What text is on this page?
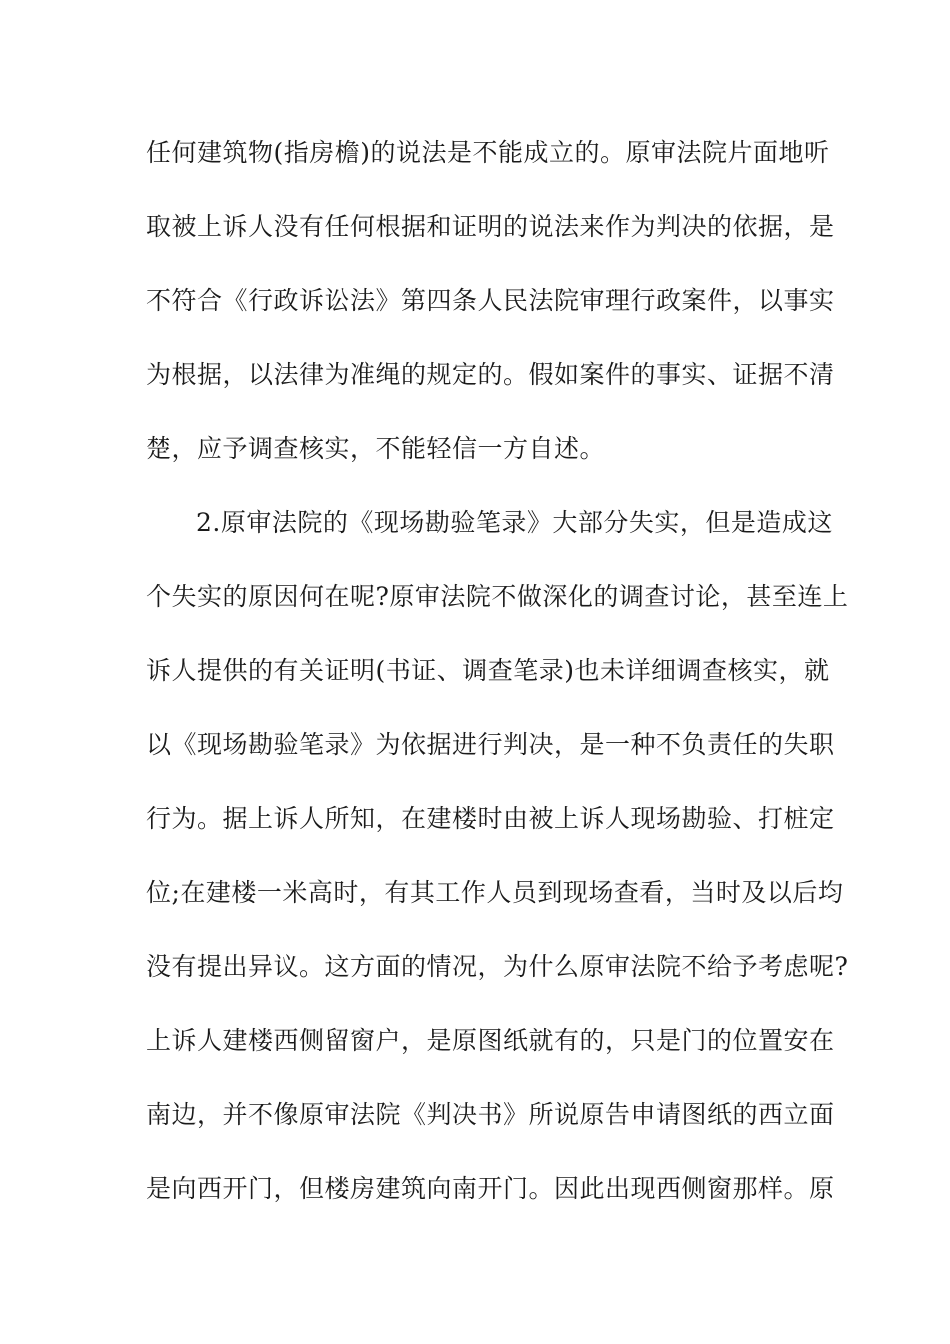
任何建筑物(指房檐)的说法是不能成立的。原审法院片面地听
取被上诉人没有任何根据和证明的说法来作为判决的依据，是
不符合《行政诉讼法》第四条人民法院审理行政案件，以事实
为根据，以法律为准绳的规定的。假如案件的事实、证据不清
楚，应予调查核实，不能轻信一方自述。
2.原审法院的《现场勘验笔录》大部分失实，但是造成这
个失实的原因何在呢?原审法院不做深化的调查讨论，甚至连上
诉人提供的有关证明(书证、调查笔录)也未详细调查核实，就
以《现场勘验笔录》为依据进行判决，是一种不负责任的失职
行为。据上诉人所知，在建楼时由被上诉人现场勘验、打桩定
位;在建楼一米高时，有其工作人员到现场查看，当时及以后均
没有提出异议。这方面的情况，为什么原审法院不给予考虑呢?
上诉人建楼西侧留窗户，是原图纸就有的，只是门的位置安在
南边，并不像原审法院《判决书》所说原告申请图纸的西立面
是向西开门，但楼房建筑向南开门。因此出现西侧窗那样。原
